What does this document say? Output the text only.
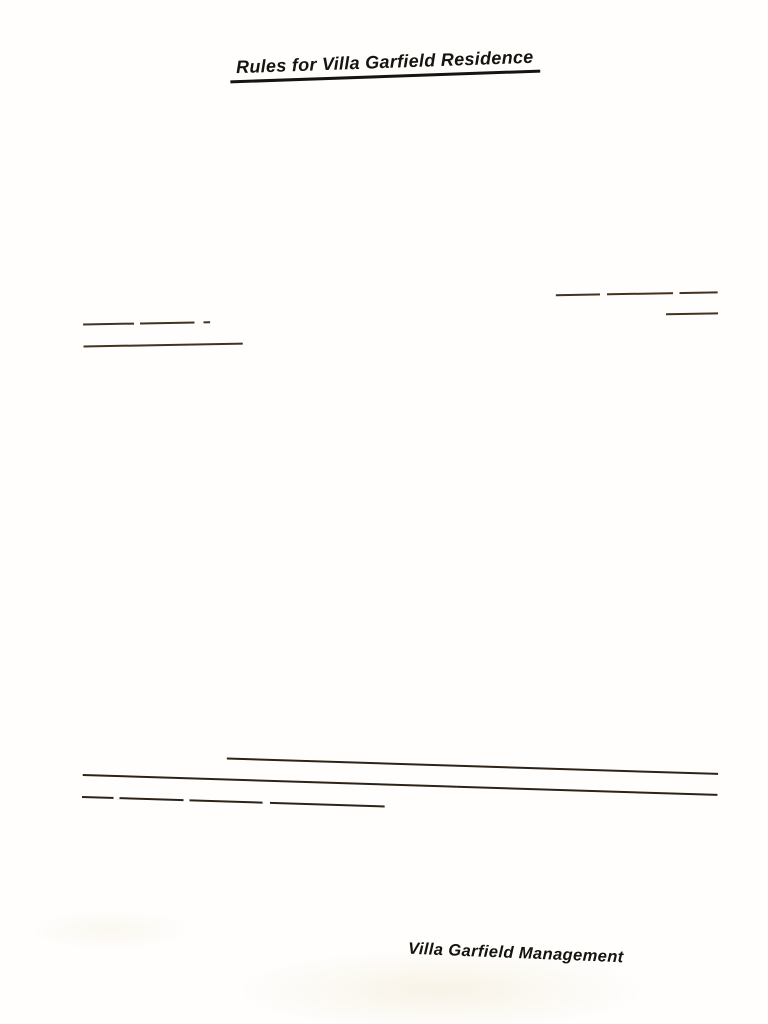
Rules for Villa Garfield Residence
1. Please fill out the “Move-In Registration Form” upon moving in.
2. Please specify the Unit Number on all the mails and HOA Fee checks or rent checks.
3. Smoking is forbidden on the whole premises, except inside the units or common area without covering structures.
4. No littering is allowed, including trash , cigarette buds, etc...fine for violation will be $300.00
5. Do not place private belongings “bicycles, shoes, boxes, plants, trash bags... etc.” in common area including unit door front.
6. No hanging of laundry on balcony. Fine for violation will be $300.00
7. Please do not bring your own personal garbage to trash room on Monday, Thursday, and Saturday Mornings when trash can are out. All trash must be dumped into trash bins .Fine for violation will be $300.00
8. Do not leak any liquid while dumping trash. Fine for violation will be $300.00
9. Residents must report to Manager on all own construction or remodeling before the work starts, if outside labor is hired. All rubbish must be carried out VG premises and cannot be dumped into VG trash bins. Fine for violation will be $300.00
10. Please flatten all paper boxes before dumping.
11. All vehicles must be registered with Manager, and can only be parked at assigned or any other legal spaces. violating vehicles will be towed away and vehicle owners shall be responsible for all expenses
12. The speed limit at parking lot is 5 miles per hour. Fine for violation will be $300.00
13. All regular visitors, including messengers, household helpers, cleaning persons, medical care takers, and visiting relatives or friends.....etc. must be registered with Manager.
14. Builder's warranty is expiring on January 2009. Please inspect and test all appliances, fixtures and all interior items ASAP.
15. Please install filtering devices on all drainage holes, including sinks, bathtubs.....etc. to prevent blockage.
16. Please keep quite after 10:00 PM. including household chores, entertainment, TV volume.....etc. No ma-jan or pin-pon is allowed after 10:00 PM. Fine for violation will be $300.00
17. Special Attention: Do not use elevators when emergency takes please, including fire, earthquake...etc. Use Stairways to reach $1^{st.}$ floor and evacuate to safe area. For you safety, do not go to basement.
Villa Garfield Management
